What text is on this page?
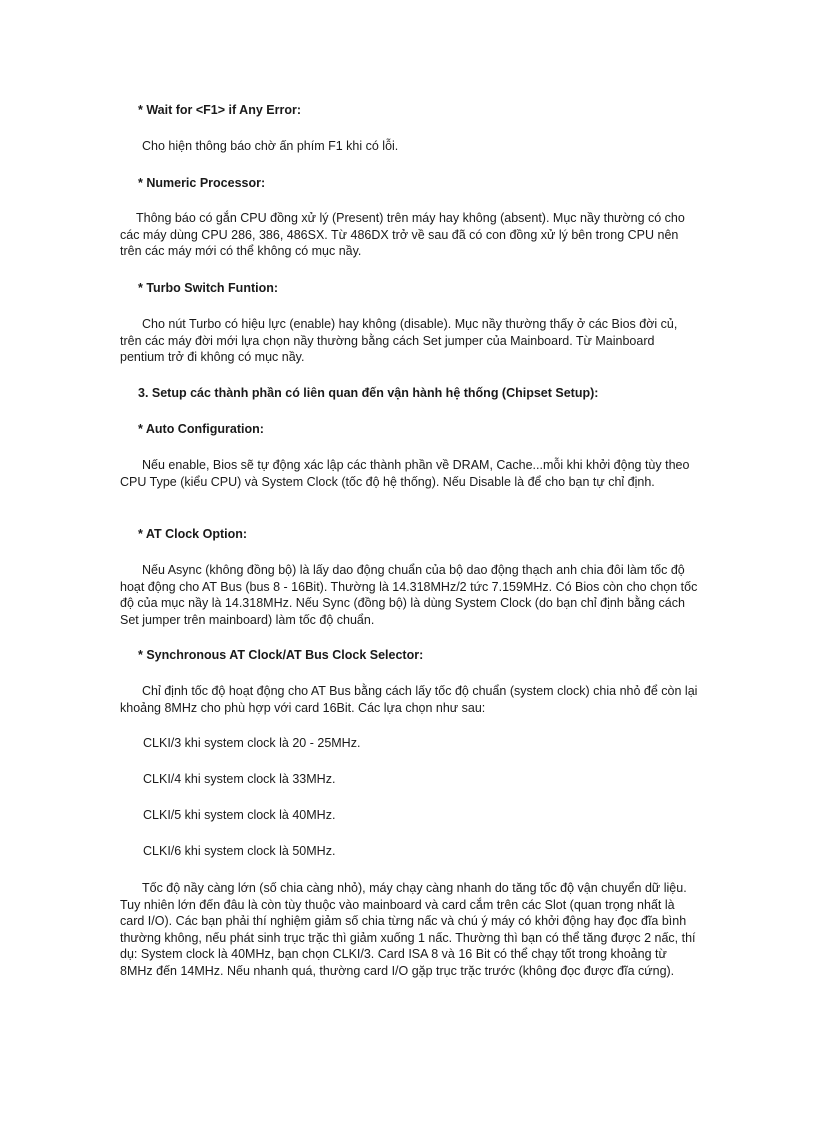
* Wait for <F1> if Any Error:
Cho hiện thông báo chờ ấn phím F1 khi có lỗi.
* Numeric Processor:
Thông báo có gắn CPU đồng xử lý (Present) trên máy hay không (absent). Mục nầy thường có cho các máy dùng CPU 286, 386, 486SX. Từ 486DX trở về sau đã có con đồng xử lý bên trong CPU nên trên các máy mới có thể không có mục nầy.
* Turbo Switch Funtion:
Cho nút Turbo có hiệu lực (enable) hay không (disable). Mục nầy thường thấy ở các Bios đời củ, trên các máy đời mới lựa chọn nầy thường bằng cách Set jumper của Mainboard. Từ Mainboard pentium trở đi không có mục nầy.
3. Setup các thành phần có liên quan đến vận hành hệ thống (Chipset Setup):
* Auto Configuration:
Nếu enable, Bios sẽ tự động xác lập các thành phần về DRAM, Cache...mỗi khi khởi động tùy theo CPU Type (kiểu CPU) và System Clock (tốc độ hệ thống). Nếu Disable là để cho bạn tự chỉ định.
* AT Clock Option:
Nếu Async (không đồng bộ) là lấy dao động chuẩn của bộ dao động thạch anh chia đôi làm tốc độ hoạt động cho AT Bus (bus 8 - 16Bit). Thường là 14.318MHz/2 tức 7.159MHz. Có Bios còn cho chọn tốc độ của mục nầy là 14.318MHz. Nếu Sync (đồng bộ) là dùng System Clock (do bạn chỉ định bằng cách Set jumper trên mainboard) làm tốc độ chuẩn.
* Synchronous AT Clock/AT Bus Clock Selector:
Chỉ định tốc độ hoạt động cho AT Bus bằng cách lấy tốc độ chuẩn (system clock) chia nhỏ để còn lại khoảng 8MHz cho phù hợp với card 16Bit. Các lựa chọn như sau:
CLKI/3 khi system clock là 20 - 25MHz.
CLKI/4 khi system clock là 33MHz.
CLKI/5 khi system clock là 40MHz.
CLKI/6 khi system clock là 50MHz.
Tốc độ nầy càng lớn (số chia càng nhỏ), máy chạy càng nhanh do tăng tốc độ vận chuyển dữ liệu. Tuy nhiên lớn đến đâu là còn tùy thuộc vào mainboard và card cắm trên các Slot (quan trọng nhất là card I/O). Các bạn phải thí nghiệm giảm số chia từng nấc và chú ý máy có khởi động hay đọc đĩa bình thường không, nếu phát sinh trục trặc thì giảm xuống 1 nấc. Thường thì bạn có thể tăng được 2 nấc, thí dụ: System clock là 40MHz, bạn chọn CLKI/3. Card ISA 8 và 16 Bit có thể chạy tốt trong khoảng từ 8MHz đến 14MHz. Nếu nhanh quá, thường card I/O gặp trục trặc trước (không đọc được đĩa cứng).
